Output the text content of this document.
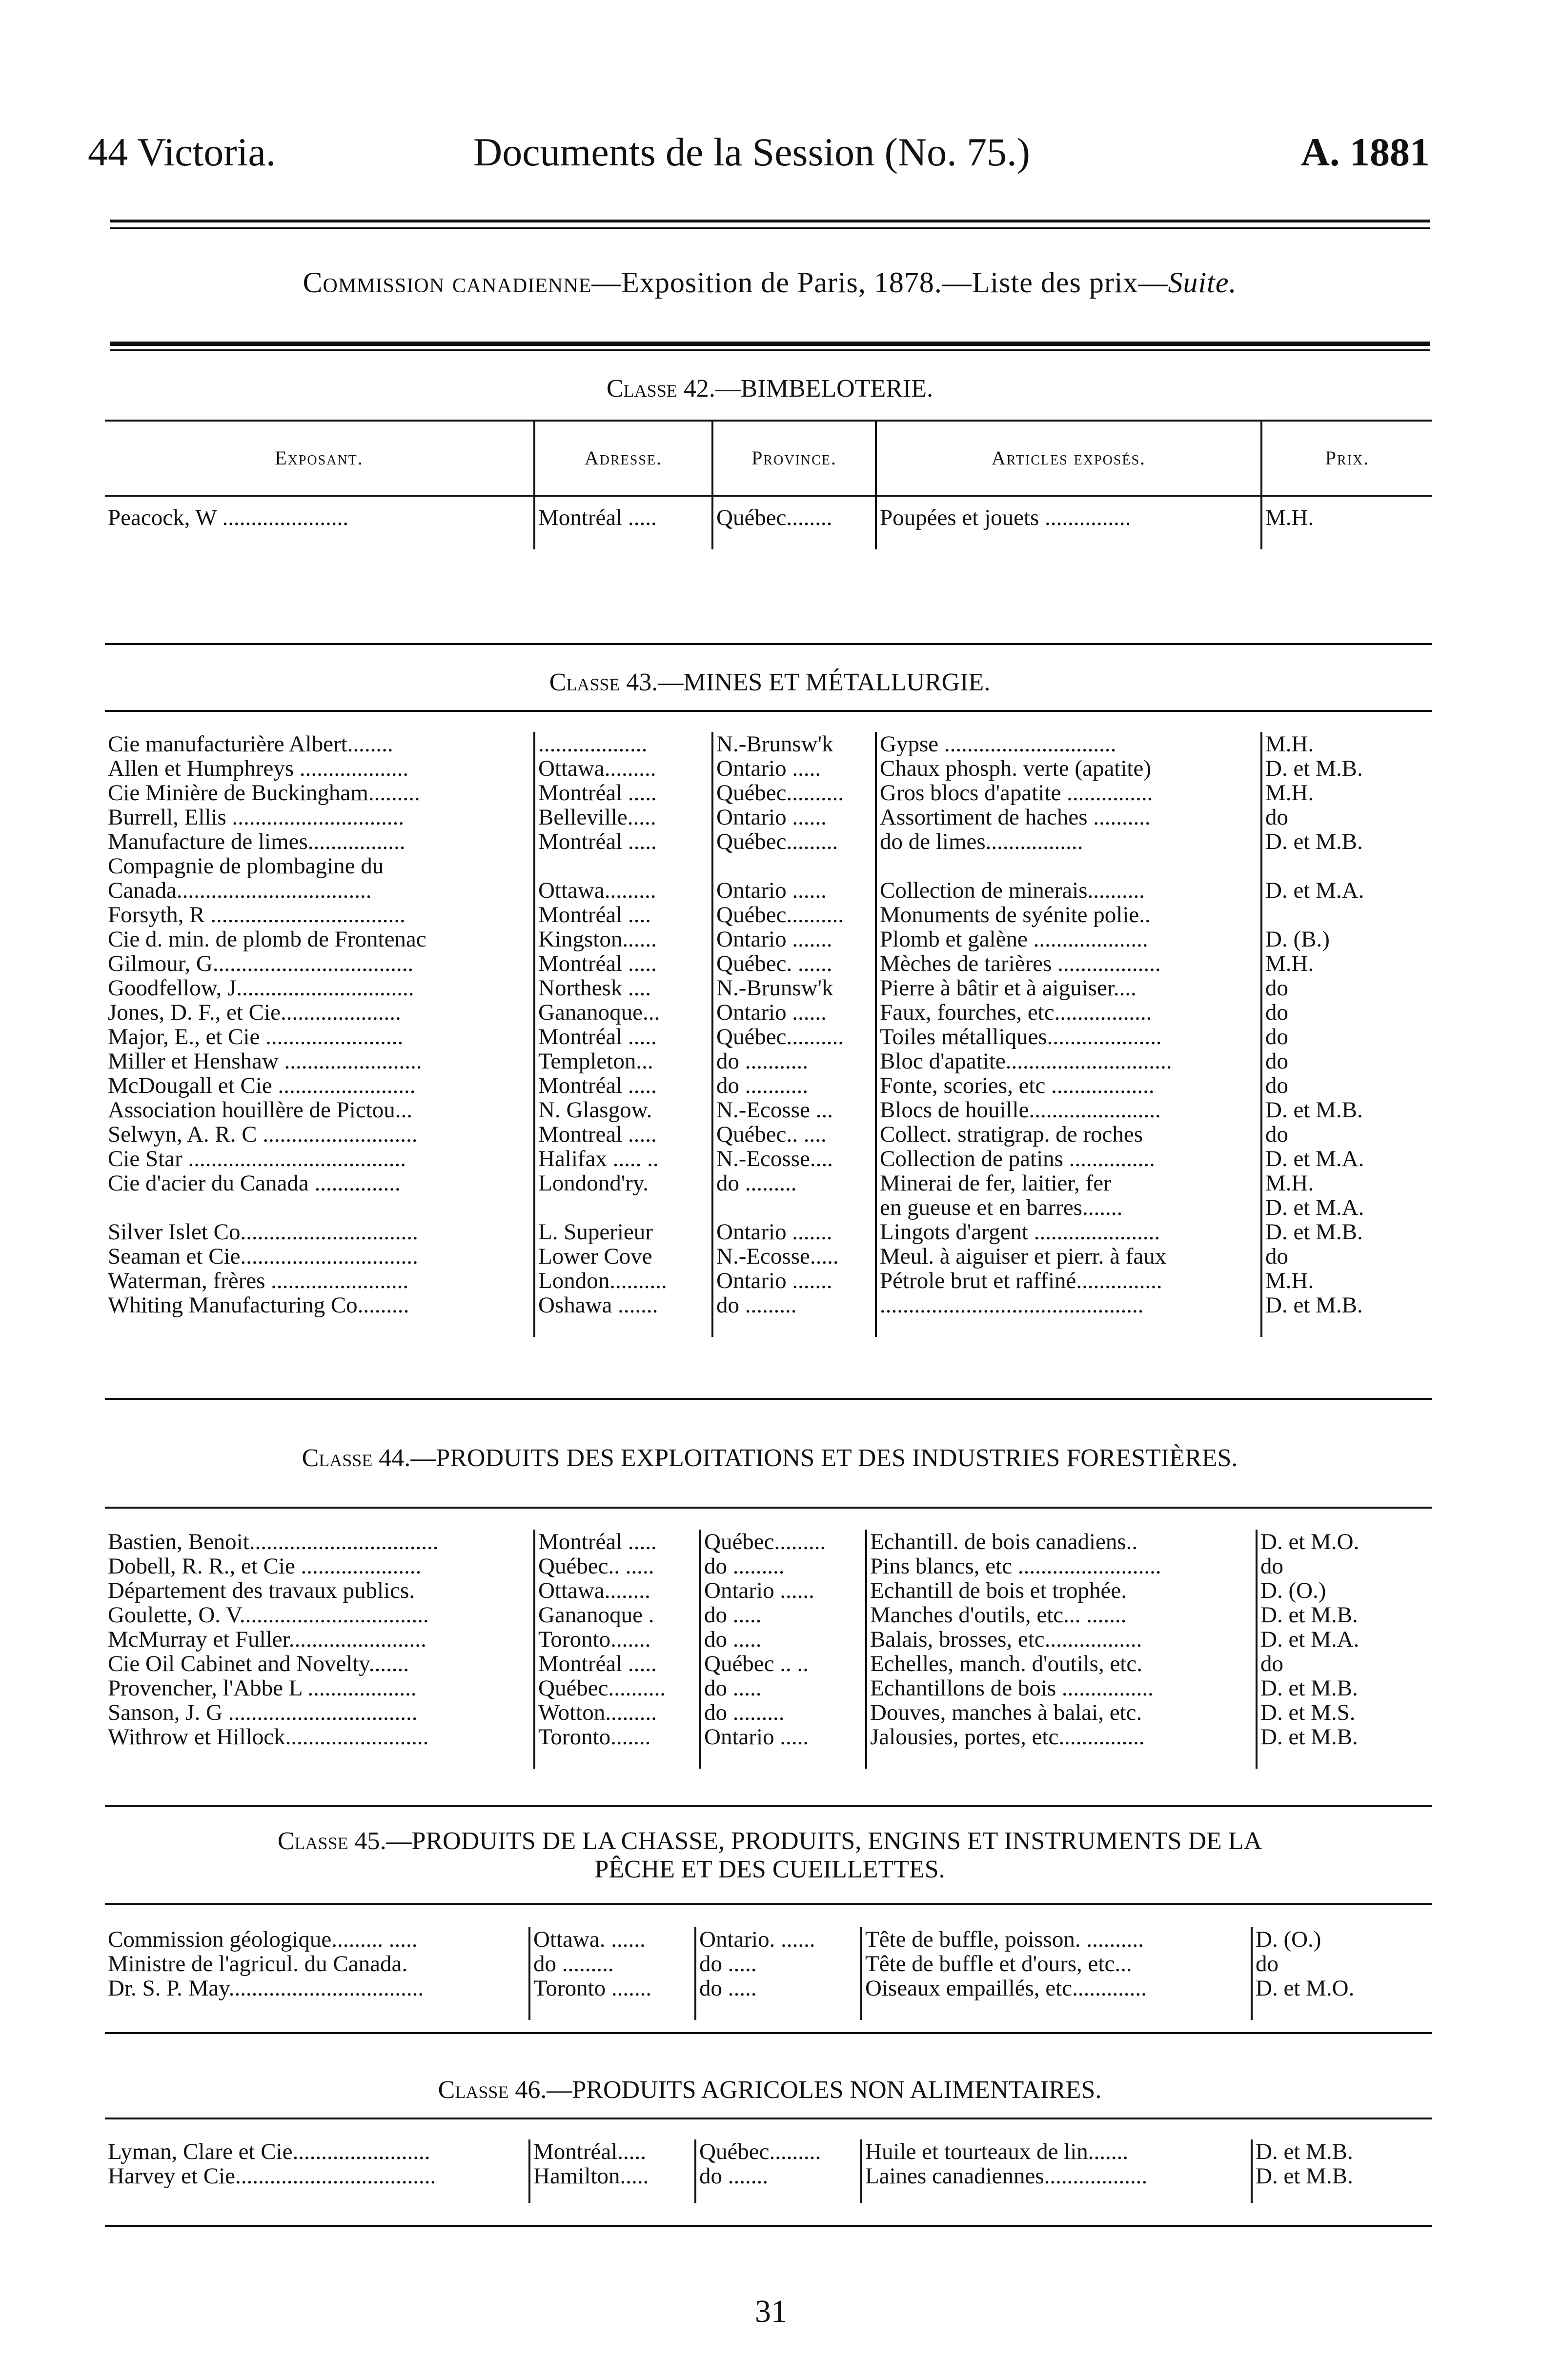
44 Victoria.	Documents de la Session (No. 75.)	A. 1881
Commission canadienne—Exposition de Paris, 1878.—Liste des prix—Suite.
Classe 42.—BIMBELOTERIE.
Exposant.	Adresse.	Province.	Articles exposés.	Prix.

Peacock, W ......................	Montréal .....	Québec........	Poupées et jouets ...............	M.H.

Classe 43.—MINES ET MÉTALLURGIE.
Cie manufacturière Albert........	...................	N.-Brunsw'k	Gypse ..............................	M.H.
Allen et Humphreys ...................	Ottawa.........	Ontario .....	Chaux phosph. verte (apatite)	D. et M.B.
Cie Minière de Buckingham.........	Montréal .....	Québec..........	Gros blocs d'apatite ...............	M.H.
Burrell, Ellis ..............................	Belleville.....	Ontario ......	Assortiment de haches ..........	do
Manufacture de limes.................	Montréal .....	Québec.........	do de limes.................	D. et M.B.
Compagnie de plombagine du				
Canada..................................	Ottawa.........	Ontario ......	Collection de minerais..........	D. et M.A.
Forsyth, R ..................................	Montréal ....	Québec..........	Monuments de syénite polie..	
Cie d. min. de plomb de Frontenac	Kingston......	Ontario .......	Plomb et galène ....................	D. (B.)
Gilmour, G...................................	Montréal .....	Québec. ......	Mèches de tarières ..................	M.H.
Goodfellow, J...............................	Northesk ....	N.-Brunsw'k	Pierre à bâtir et à aiguiser....	do
Jones, D. F., et Cie.....................	Gananoque...	Ontario ......	Faux, fourches, etc.................	do
Major, E., et Cie ........................	Montréal .....	Québec..........	Toiles métalliques....................	do
Miller et Henshaw ........................	Templeton...	do ...........	Bloc d'apatite.............................	do
McDougall et Cie ........................	Montréal .....	do ...........	Fonte, scories, etc ..................	do
Association houillère de Pictou...	N. Glasgow.	N.-Ecosse ...	Blocs de houille.......................	D. et M.B.
Selwyn, A. R. C ...........................	Montreal .....	Québec.. ....	Collect. stratigrap. de roches	do
Cie Star ......................................	Halifax ..... ..	N.-Ecosse....	Collection de patins ...............	D. et M.A.
Cie d'acier du Canada ...............	Londond'ry.	do .........	Minerai de fer, laitier, fer	M.H.
			en gueuse et en barres.......	D. et M.A.
Silver Islet Co...............................	L. Superieur	Ontario .......	Lingots d'argent ......................	D. et M.B.
Seaman et Cie...............................	Lower Cove	N.-Ecosse.....	Meul. à aiguiser et pierr. à faux	do
Waterman, frères ........................	London..........	Ontario .......	Pétrole brut et raffiné...............	M.H.
Whiting Manufacturing Co.........	Oshawa .......	do .........	..............................................	D. et M.B.

Classe 44.—PRODUITS DES EXPLOITATIONS ET DES INDUSTRIES FORESTIÈRES.
Bastien, Benoit.................................	Montréal .....	Québec.........	Echantill. de bois canadiens..	D. et M.O.
Dobell, R. R., et Cie .....................	Québec.. .....	do .........	Pins blancs, etc .........................	do
Département des travaux publics.	Ottawa........	Ontario ......	Echantill de bois et trophée.	D. (O.)
Goulette, O. V.................................	Gananoque .	do .....	Manches d'outils, etc... .......	D. et M.B.
McMurray et Fuller........................	Toronto.......	do .....	Balais, brosses, etc.................	D. et M.A.
Cie Oil Cabinet and Novelty.......	Montréal .....	Québec .. ..	Echelles, manch. d'outils, etc.	do
Provencher, l'Abbe L ...................	Québec..........	do .....	Echantillons de bois ................	D. et M.B.
Sanson, J. G .................................	Wotton.........	do .........	Douves, manches à balai, etc.	D. et M.S.
Withrow et Hillock.........................	Toronto.......	Ontario .....	Jalousies, portes, etc...............	D. et M.B.

Classe 45.—PRODUITS DE LA CHASSE, PRODUITS, ENGINS ET INSTRUMENTS DE LA
PÊCHE ET DES CUEILLETTES.
Commission géologique......... .....	Ottawa. ......	Ontario. ......	Tête de buffle, poisson. ..........	D. (O.)
Ministre de l'agricul. du Canada.	do .........	do .....	Tête de buffle et d'ours, etc...	do
Dr. S. P. May..................................	Toronto .......	do .....	Oiseaux empaillés, etc.............	D. et M.O.

Classe 46.—PRODUITS AGRICOLES NON ALIMENTAIRES.
Lyman, Clare et Cie........................	Montréal.....	Québec.........	Huile et tourteaux de lin.......	D. et M.B.
Harvey et Cie...................................	Hamilton.....	do .......	Laines canadiennes..................	D. et M.B.

31
